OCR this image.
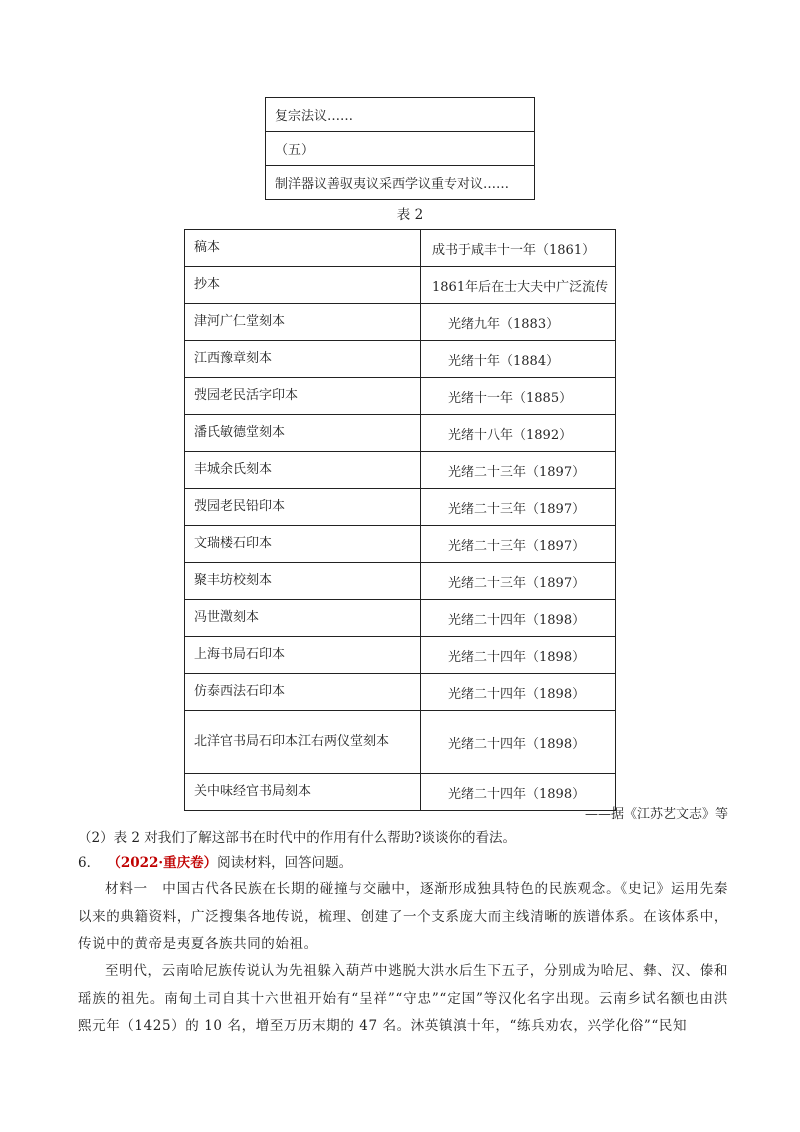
复宗法议……
（五）
制洋器议善驭夷议采西学议重专对议……
表 2
稿本	成书于咸丰十一年（1861）
抄本	1861年后在士大夫中广泛流传
津河广仁堂刻本	光绪九年（1883）
江西豫章刻本	光绪十年（1884）
弢园老民活字印本	光绪十一年（1885）
潘氏敏德堂刻本	光绪十八年（1892）
丰城余氏刻本	光绪二十三年（1897）
弢园老民铅印本	光绪二十三年（1897）
文瑞楼石印本	光绪二十三年（1897）
聚丰坊校刻本	光绪二十三年（1897）
冯世澂刻本	光绪二十四年（1898）
上海书局石印本	光绪二十四年（1898）
仿泰西法石印本	光绪二十四年（1898）
北洋官书局石印本江右两仪堂刻本	光绪二十四年（1898）
关中味经官书局刻本	光绪二十四年（1898）
——据《江苏艺文志》等
（2）表 2 对我们了解这部书在时代中的作用有什么帮助?谈谈你的看法。
6． （2022·重庆卷）阅读材料，回答问题。
材料一　中国古代各民族在长期的碰撞与交融中，逐渐形成独具特色的民族观念。《史记》运用先秦以来的典籍资料，广泛搜集各地传说，梳理、创建了一个支系庞大而主线清晰的族谱体系。在该体系中，传说中的黄帝是夷夏各族共同的始祖。
至明代，云南哈尼族传说认为先祖躲入葫芦中逃脱大洪水后生下五子，分别成为哈尼、彝、汉、傣和瑶族的祖先。南甸土司自其十六世祖开始有“呈祥”“守忠”“定国”等汉化名字出现。云南乡试名额也由洪熙元年（1425）的 10 名，增至万历末期的 47 名。沐英镇滇十年，“练兵劝农，兴学化俗”“民知
